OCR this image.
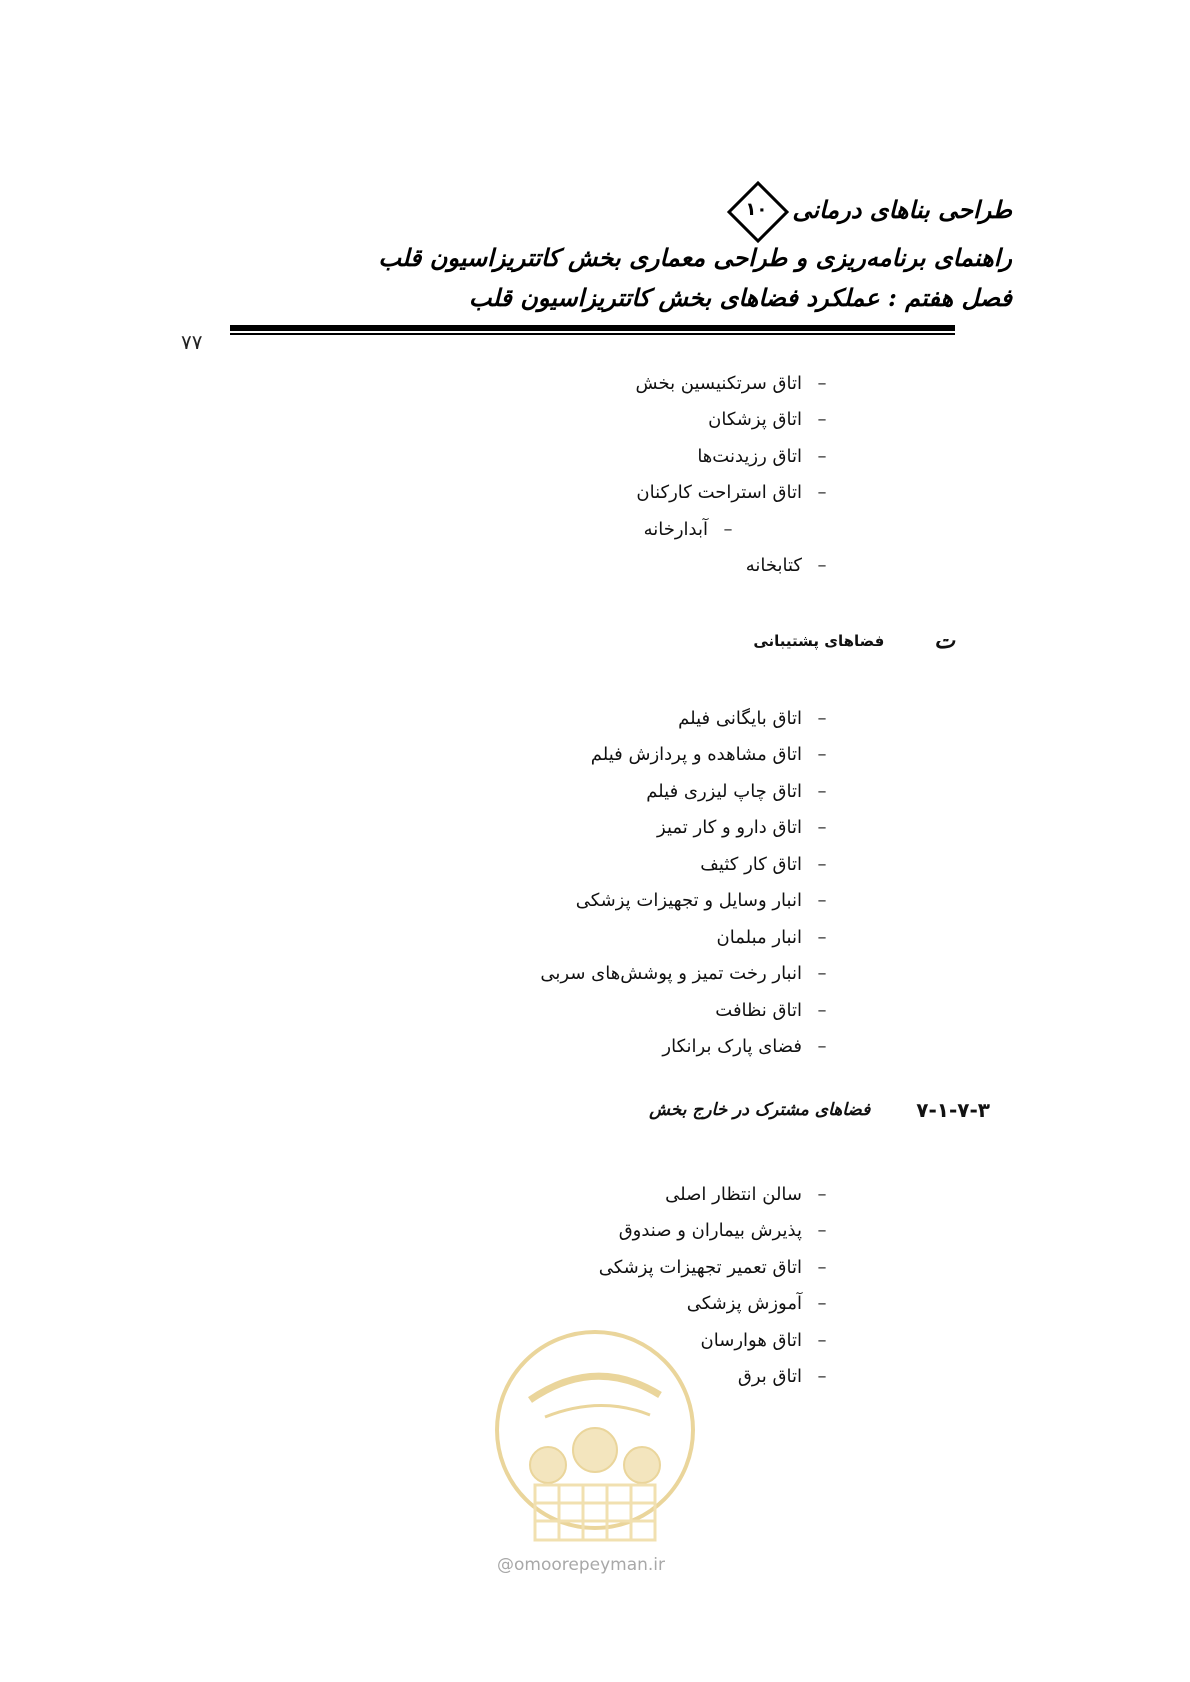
طراحی بناهای درمانی
۱۰
راهنمای برنامه‌ریزی و طراحی معماری بخش کاتتریزاسیون قلب
فصل هفتم : عملکرد فضاهای بخش کاتتریزاسیون قلب
۷۷
–
اتاق سرتکنیسین بخش
–
اتاق پزشکان
–
اتاق رزیدنت‌ها
–
اتاق استراحت کارکنان
–
آبدارخانه
–
کتابخانه
ت
فضاهای پشتیبانی
–
اتاق بایگانی فیلم
–
اتاق مشاهده و پردازش فیلم
–
اتاق چاپ لیزری فیلم
–
اتاق دارو و کار تمیز
–
اتاق کار کثیف
–
انبار وسایل و تجهیزات پزشکی
–
انبار مبلمان
–
انبار رخت تمیز و پوشش‌های سربی
–
اتاق نظافت
–
فضای پارک برانکار
۷-۱-۷-۳
فضاهای مشترک در خارج بخش
–
سالن انتظار اصلی
–
پذیرش بیماران و صندوق
–
اتاق تعمیر تجهیزات پزشکی
–
آموزش پزشکی
–
اتاق هوارسان
–
اتاق برق
@omoorepeyman.ir
